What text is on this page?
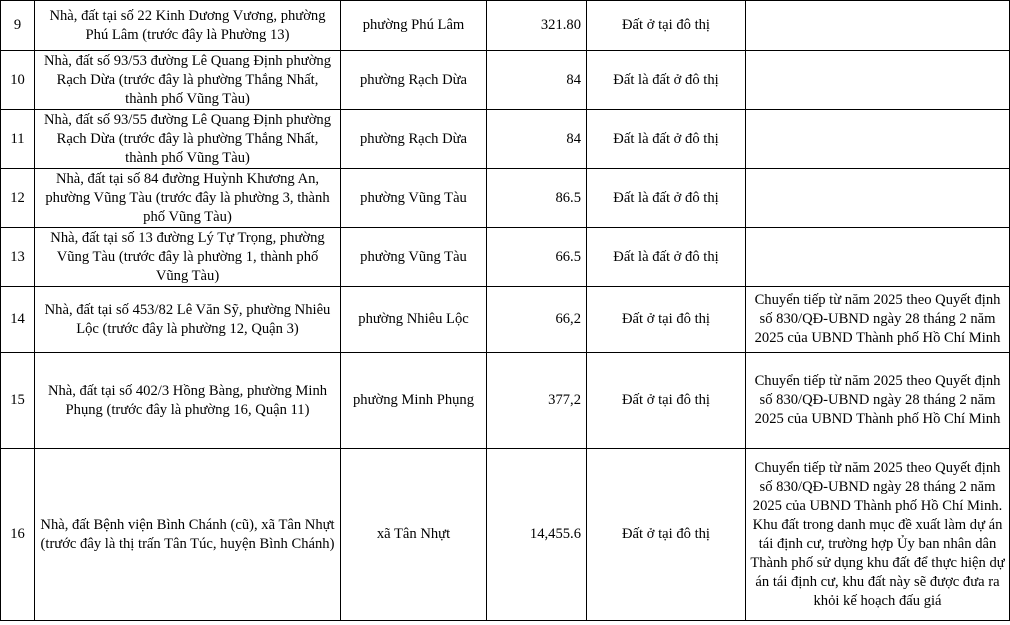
9	Nhà, đất tại số 22 Kinh Dương Vương, phường Phú Lâm (trước đây là Phường 13)	phường Phú Lâm	321.80	Đất ở tại đô thị	
10	Nhà, đất số 93/53 đường Lê Quang Định phường Rạch Dừa (trước đây là phường Thắng Nhất, thành phố Vũng Tàu)	phường Rạch Dừa	84	Đất là đất ở đô thị	
11	Nhà, đất số 93/55 đường Lê Quang Định phường Rạch Dừa (trước đây là phường Thắng Nhất, thành phố Vũng Tàu)	phường Rạch Dừa	84	Đất là đất ở đô thị	
12	Nhà, đất tại số 84 đường Huỳnh Khương An, phường Vũng Tàu (trước đây là phường 3, thành phố Vũng Tàu)	phường Vũng Tàu	86.5	Đất là đất ở đô thị	
13	Nhà, đất tại số 13 đường Lý Tự Trọng, phường Vũng Tàu (trước đây là phường 1, thành phố Vũng Tàu)	phường Vũng Tàu	66.5	Đất là đất ở đô thị	
14	Nhà, đất tại số 453/82 Lê Văn Sỹ, phường Nhiêu Lộc (trước đây là phường 12, Quận 3)	phường Nhiêu Lộc	66,2	Đất ở tại đô thị	Chuyển tiếp từ năm 2025 theo Quyết định số 830/QĐ-UBND ngày 28 tháng 2 năm 2025 của UBND Thành phố Hồ Chí Minh
15	Nhà, đất tại số 402/3 Hồng Bàng, phường Minh Phụng (trước đây là phường 16, Quận 11)	phường Minh Phụng	377,2	Đất ở tại đô thị	Chuyển tiếp từ năm 2025 theo Quyết định số 830/QĐ-UBND ngày 28 tháng 2 năm 2025 của UBND Thành phố Hồ Chí Minh
16	Nhà, đất Bệnh viện Bình Chánh (cũ), xã Tân Nhựt (trước đây là thị trấn Tân Túc, huyện Bình Chánh)	xã Tân Nhựt	14,455.6	Đất ở tại đô thị	Chuyển tiếp từ năm 2025 theo Quyết định số 830/QĐ-UBND ngày 28 tháng 2 năm 2025 của UBND Thành phố Hồ Chí Minh. Khu đất trong danh mục đề xuất làm dự án tái định cư, trường hợp Ủy ban nhân dân Thành phố sử dụng khu đất để thực hiện dự án tái định cư, khu đất này sẽ được đưa ra khỏi kế hoạch đấu giá
